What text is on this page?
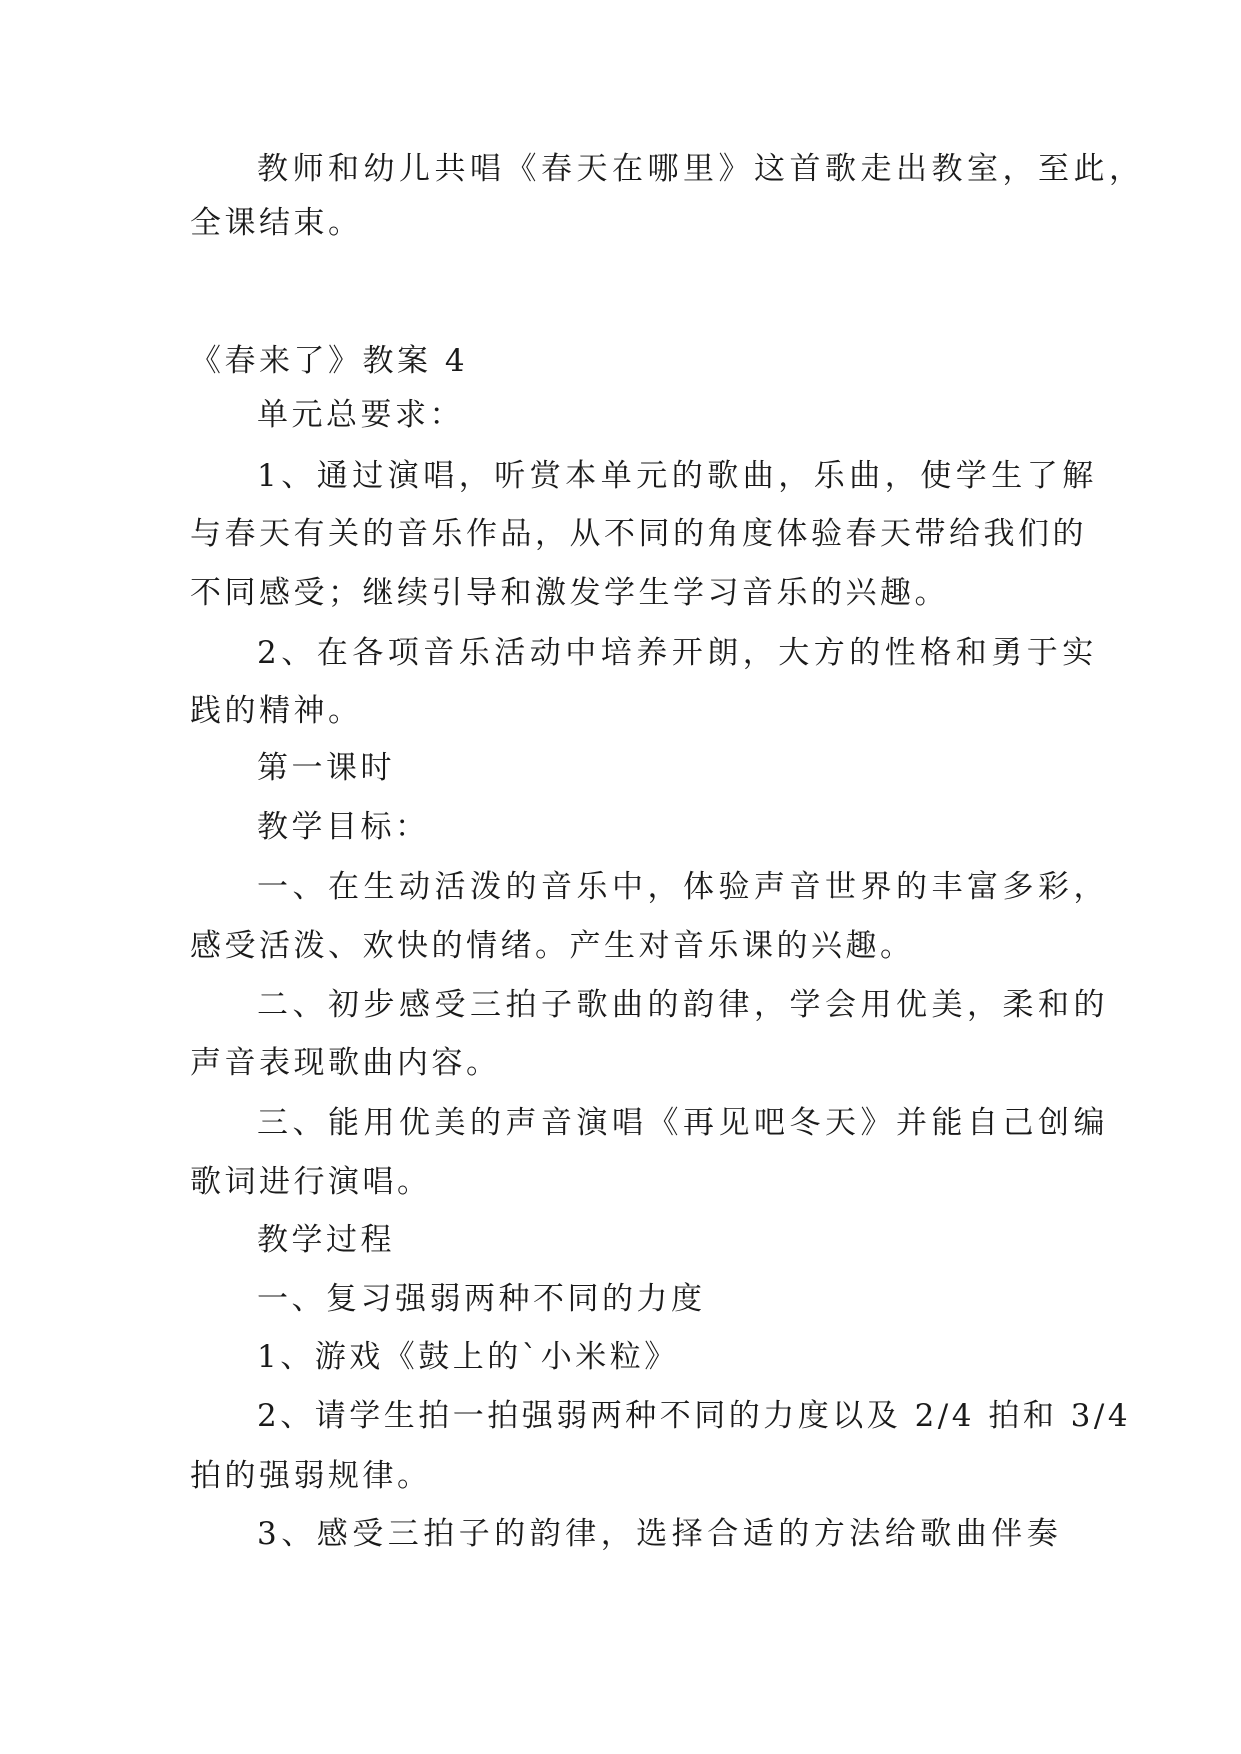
教师和幼儿共唱《春天在哪里》这首歌走出教室，至此，
全课结束。
《春来了》教案 4
单元总要求：
1、通过演唱，听赏本单元的歌曲，乐曲，使学生了解
与春天有关的音乐作品，从不同的角度体验春天带给我们的
不同感受；继续引导和激发学生学习音乐的兴趣。
2、在各项音乐活动中培养开朗，大方的性格和勇于实
践的精神。
第一课时
教学目标：
一、在生动活泼的音乐中，体验声音世界的丰富多彩，
感受活泼、欢快的情绪。产生对音乐课的兴趣。
二、初步感受三拍子歌曲的韵律，学会用优美，柔和的
声音表现歌曲内容。
三、能用优美的声音演唱《再见吧冬天》并能自己创编
歌词进行演唱。
教学过程
一、复习强弱两种不同的力度
1、游戏《鼓上的`小米粒》
2、请学生拍一拍强弱两种不同的力度以及 2/4 拍和 3/4
拍的强弱规律。
3、感受三拍子的韵律，选择合适的方法给歌曲伴奏
